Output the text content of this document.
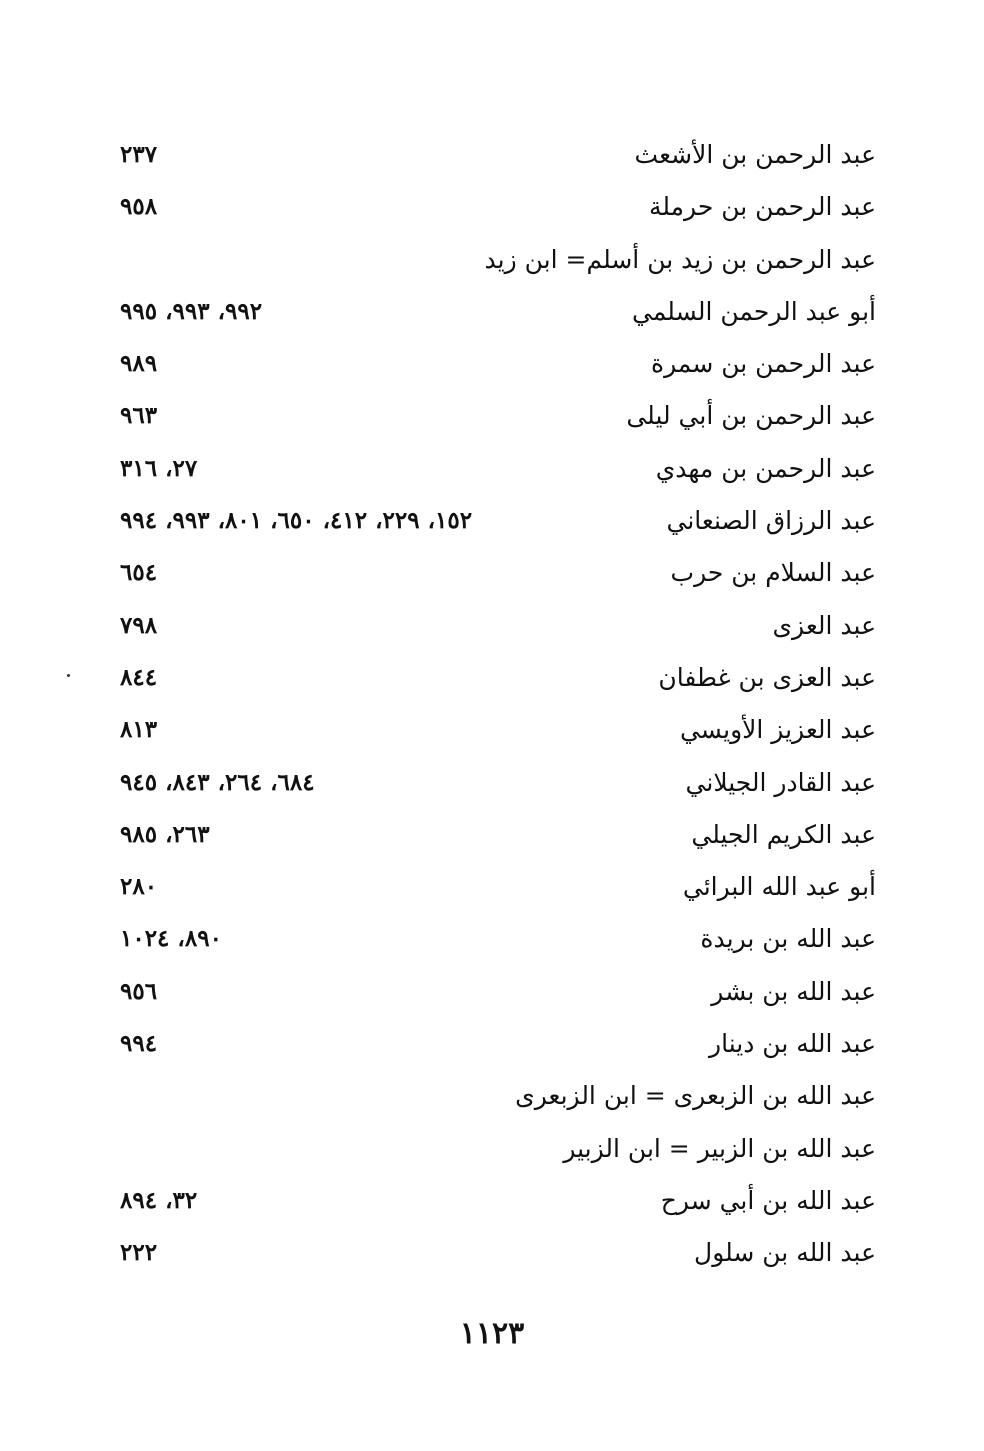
عبد الرحمن بن الأشعث
٢٣٧
عبد الرحمن بن حرملة
٩٥٨
عبد الرحمن بن زيد بن أسلم= ابن زيد
أبو عبد الرحمن السلمي
٩٩٢، ٩٩٣، ٩٩٥
عبد الرحمن بن سمرة
٩٨٩
عبد الرحمن بن أبي ليلى
٩٦٣
عبد الرحمن بن مهدي
٢٧، ٣١٦
عبد الرزاق الصنعاني
١٥٢، ٢٢٩، ٤١٢، ٦٥٠، ٨٠١، ٩٩٣، ٩٩٤
عبد السلام بن حرب
٦٥٤
عبد العزى
٧٩٨
عبد العزى بن غطفان
٨٤٤
عبد العزيز الأويسي
٨١٣
عبد القادر الجيلاني
٦٨٤، ٢٦٤، ٨٤٣، ٩٤٥
عبد الكريم الجيلي
٢٦٣، ٩٨٥
أبو عبد الله البرائي
٢٨٠
عبد الله بن بريدة
٨٩٠، ١٠٢٤
عبد الله بن بشر
٩٥٦
عبد الله بن دينار
٩٩٤
عبد الله بن الزبعرى = ابن الزبعرى
عبد الله بن الزبير = ابن الزبير
عبد الله بن أبي سرح
٣٢، ٨٩٤
عبد الله بن سلول
٢٢٢
١١٢٣
